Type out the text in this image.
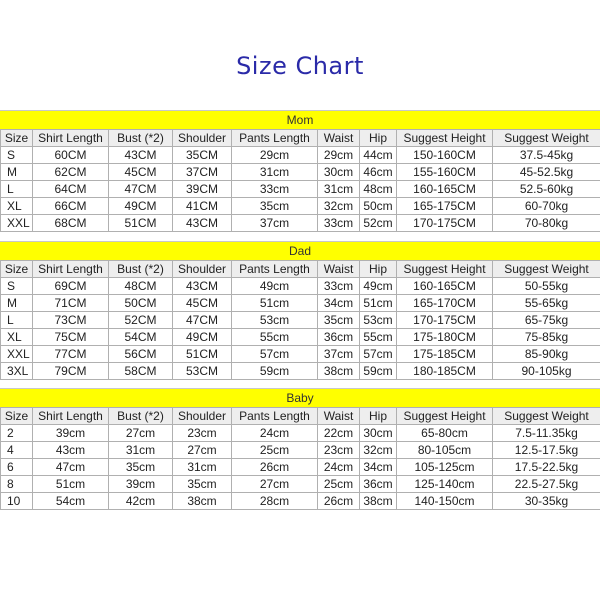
Size Chart
Mom
Size	Shirt Length	Bust (*2)	Shoulder	Pants Length	Waist	Hip	Suggest Height	Suggest Weight
S	60CM	43CM	35CM	29cm	29cm	44cm	150-160CM	37.5-45kg
M	62CM	45CM	37CM	31cm	30cm	46cm	155-160CM	45-52.5kg
L	64CM	47CM	39CM	33cm	31cm	48cm	160-165CM	52.5-60kg
XL	66CM	49CM	41CM	35cm	32cm	50cm	165-175CM	60-70kg
XXL	68CM	51CM	43CM	37cm	33cm	52cm	170-175CM	70-80kg
Dad
Size	Shirt Length	Bust (*2)	Shoulder	Pants Length	Waist	Hip	Suggest Height	Suggest Weight
S	69CM	48CM	43CM	49cm	33cm	49cm	160-165CM	50-55kg
M	71CM	50CM	45CM	51cm	34cm	51cm	165-170CM	55-65kg
L	73CM	52CM	47CM	53cm	35cm	53cm	170-175CM	65-75kg
XL	75CM	54CM	49CM	55cm	36cm	55cm	175-180CM	75-85kg
XXL	77CM	56CM	51CM	57cm	37cm	57cm	175-185CM	85-90kg
3XL	79CM	58CM	53CM	59cm	38cm	59cm	180-185CM	90-105kg
Baby
Size	Shirt Length	Bust (*2)	Shoulder	Pants Length	Waist	Hip	Suggest Height	Suggest Weight
2	39cm	27cm	23cm	24cm	22cm	30cm	65-80cm	7.5-11.35kg
4	43cm	31cm	27cm	25cm	23cm	32cm	80-105cm	12.5-17.5kg
6	47cm	35cm	31cm	26cm	24cm	34cm	105-125cm	17.5-22.5kg
8	51cm	39cm	35cm	27cm	25cm	36cm	125-140cm	22.5-27.5kg
10	54cm	42cm	38cm	28cm	26cm	38cm	140-150cm	30-35kg
